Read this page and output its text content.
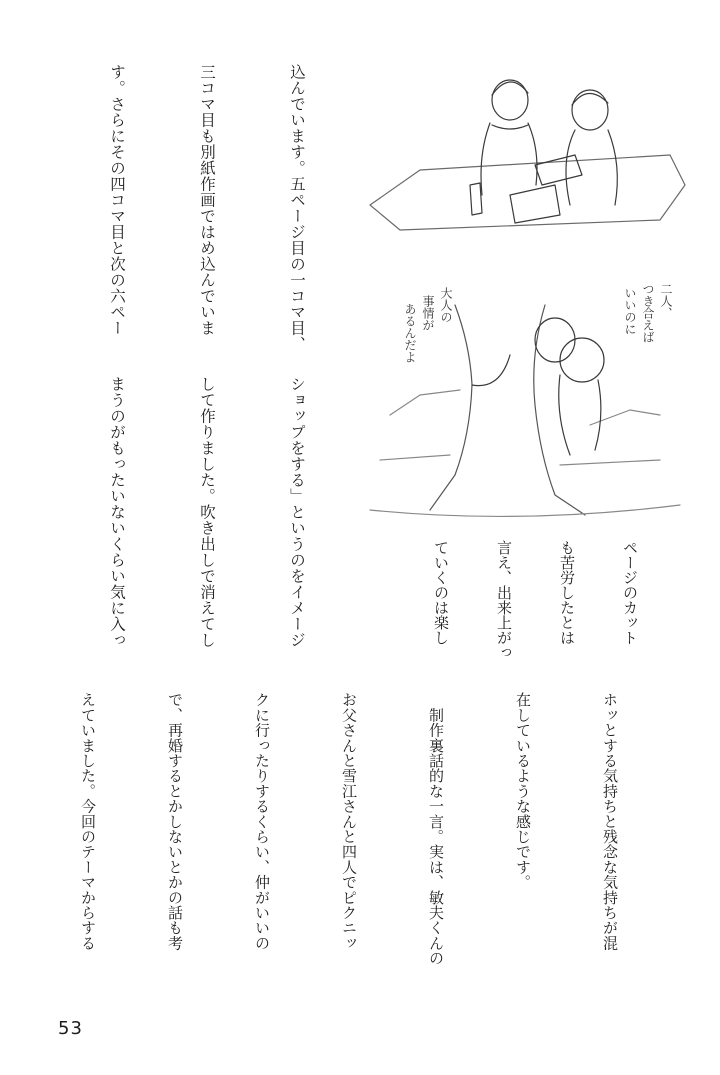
込んでいます。五ページ目の一コマ目、

三コマ目も別紙作画ではめ込んでいま

す。さらにその四コマ目と次の六ペー

ショップをする」というのをイメージ

して作りました。吹き出しで消えてし

まうのがもったいないくらい気に入っ

	ページのカット

も苦労したとは

言え、出来上がっ

ていくのは楽し

ホッとする気持ちと残念な気持ちが混

在しているような感じです。

　制作裏話的な一言。実は、敏夫くんの

お父さんと雪江さんと四人でピクニッ

クに行ったりするくらい、仲がいいの

で、再婚するとかしないとかの話も考

えていました。今回のテーマからする

二人、
つき合えば
いいのに
大人の
事情が
あるんだよ
53
